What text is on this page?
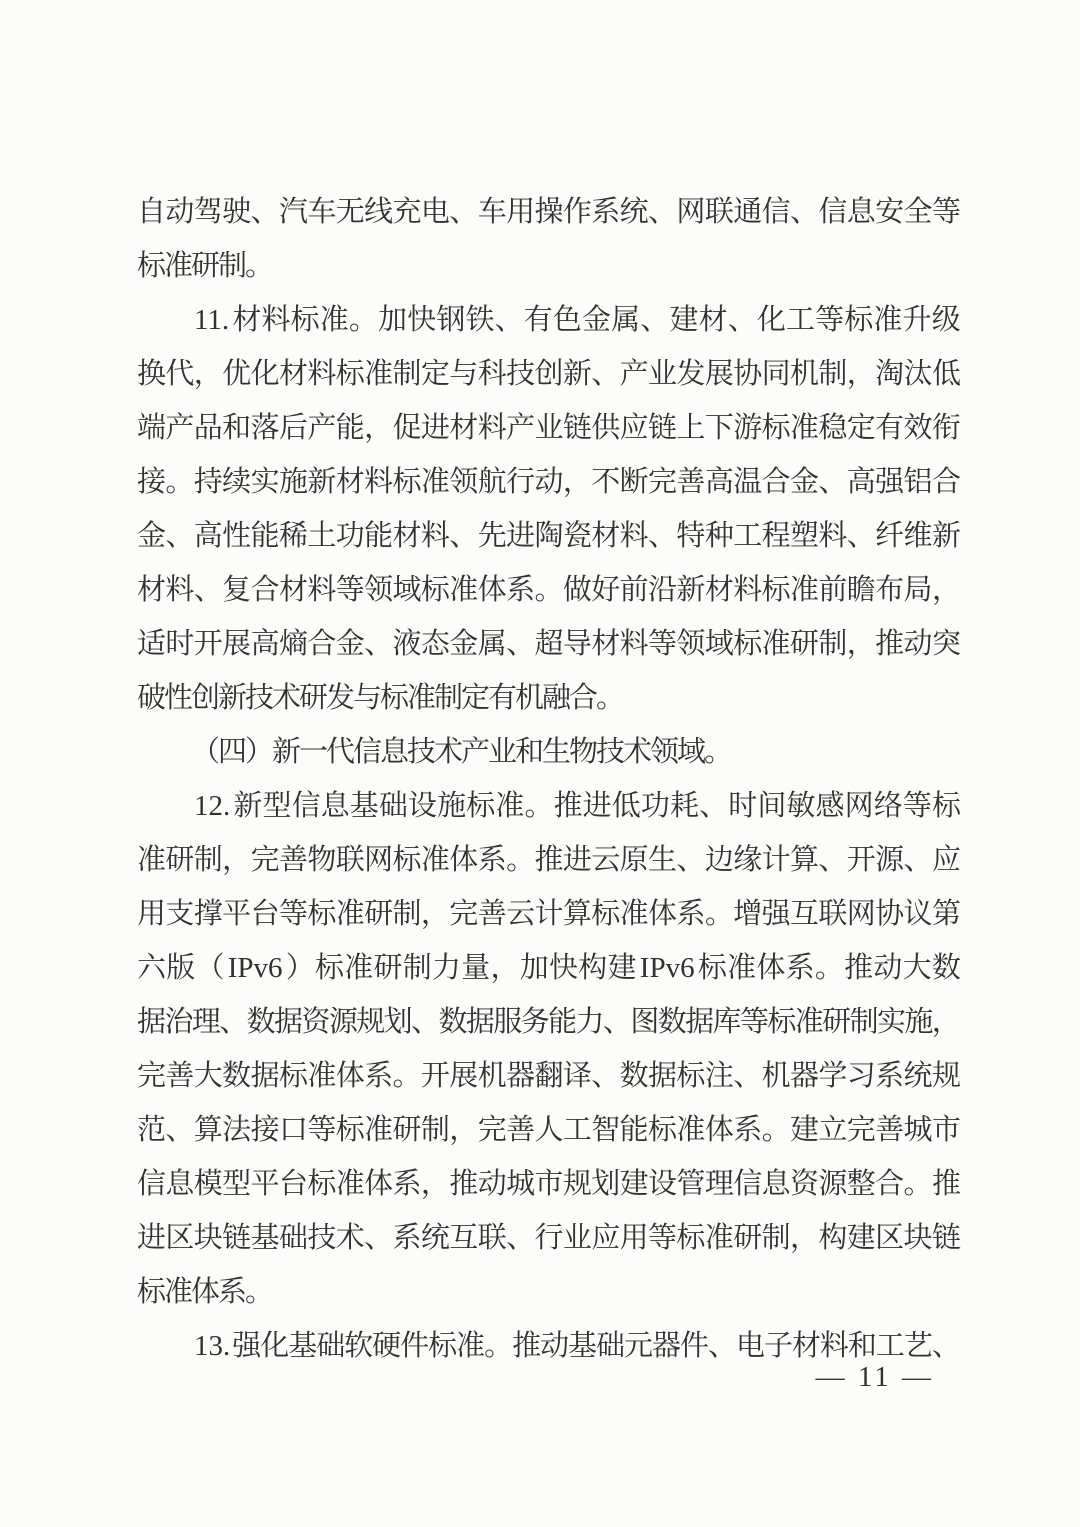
自 动 驾 驶 、 汽 车 无 线 充 电 、 车 用 操 作 系 统 、 网 联 通 信 、 信 息 安 全 等
标
准
研
制
。
11. 材 料 标 准 。 加 快 钢 铁 、 有 色 金 属 、 建 材 、 化 工 等 标 准 升 级
换 代 ， 优 化 材 料 标 准 制 定 与 科 技 创 新 、 产 业 发 展 协 同 机 制 ， 淘 汰 低
端 产 品 和 落 后 产 能 ， 促 进 材 料 产 业 链 供 应 链 上 下 游 标 准 稳 定 有 效 衔
接 。 持 续 实 施 新 材 料 标 准 领 航 行 动 ， 不 断 完 善 高 温 合 金 、 高 强 铝 合
金 、 高 性 能 稀 土 功 能 材 料 、 先 进 陶 瓷 材 料 、 特 种 工 程 塑 料 、 纤 维 新
材 料 、 复 合 材 料 等 领 域 标 准 体 系 。 做 好 前 沿 新 材 料 标 准 前 瞻 布 局 ，
适 时 开 展 高 熵 合 金 、 液 态 金 属 、 超 导 材 料 等 领 域 标 准 研 制 ， 推 动 突
破
性
创
新
技
术
研
发
与
标
准
制
定
有
机
融
合
。
（
四
）
新
一
代
信
息
技
术
产
业
和
生
物
技
术
领
域
。
12. 新 型 信 息 基 础 设 施 标 准 。 推 进 低 功 耗 、 时 间 敏 感 网 络 等 标
准 研 制 ， 完 善 物 联 网 标 准 体 系 。 推 进 云 原 生 、 边 缘 计 算 、 开 源 、 应
用 支 撑 平 台 等 标 准 研 制 ， 完 善 云 计 算 标 准 体 系 。 增 强 互 联 网 协 议 第
六 版 （ IPv6 ） 标 准 研 制 力 量 ， 加 快 构 建 IPv6 标 准 体 系 。 推 动 大 数
据
治
理
、
数
据
资
源
规
划
、
数
据
服
务
能
力
、
图
数
据
库
等
标
准
研
制
实
施
，
完 善 大 数 据 标 准 体 系 。 开 展 机 器 翻 译 、 数 据 标 注 、 机 器 学 习 系 统 规
范 、 算 法 接 口 等 标 准 研 制 ， 完 善 人 工 智 能 标 准 体 系 。 建 立 完 善 城 市
信 息 模 型 平 台 标 准 体 系 ， 推 动 城 市 规 划 建 设 管 理 信 息 资 源 整 合 。 推
进 区 块 链 基 础 技 术 、 系 统 互 联 、 行 业 应 用 等 标 准 研 制 ， 构 建 区 块 链
标
准
体
系
。
13. 强
化
基
础
软
硬
件
标
准
。
推
动
基
础
元
器
件
、
电
子
材
料
和
工
艺
、
— 11 —
